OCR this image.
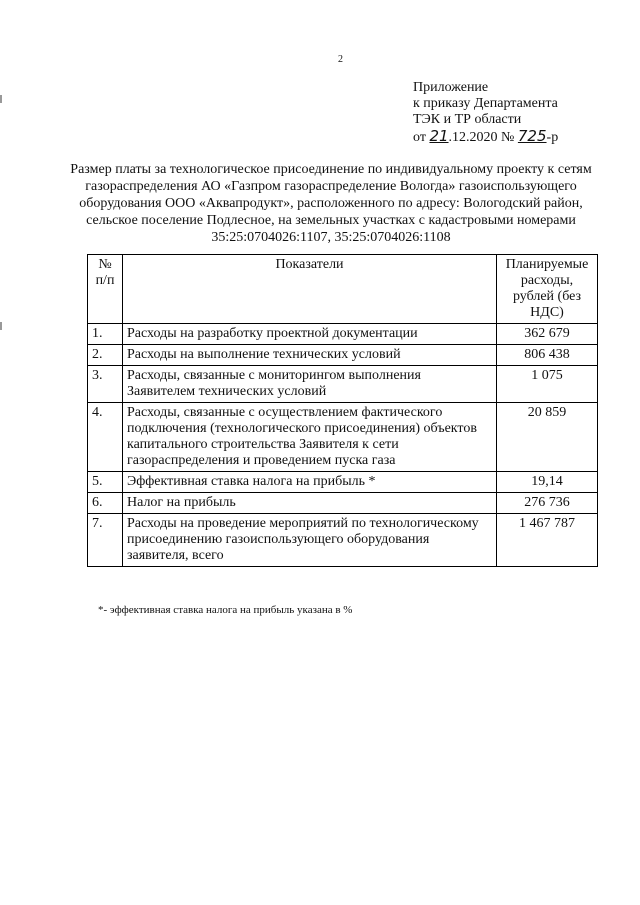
2
Приложение
к приказу Департамента
ТЭК и ТР области
от 21.12.2020 № 725-р
Размер платы за технологическое присоединение по индивидуальному проекту к сетям газораспределения АО «Газпром газораспределение Вологда» газоиспользующего оборудования ООО «Аквапродукт», расположенного по адресу: Вологодский район, сельское поселение Подлесное, на земельных участках с кадастровыми номерами 35:25:0704026:1107, 35:25:0704026:1108
№ п/п	Показатели	Планируемые расходы, рублей (без НДС)
1.	Расходы на разработку проектной документации	362 679
2.	Расходы на выполнение технических условий	806 438
3.	Расходы, связанные с мониторингом выполнения Заявителем технических условий	1 075
4.	Расходы, связанные с осуществлением фактического подключения (технологического присоединения) объектов капитального строительства Заявителя к сети газораспределения и проведением пуска газа	20 859
5.	Эффективная ставка налога на прибыль *	19,14
6.	Налог на прибыль	276 736
7.	Расходы на проведение мероприятий по технологическому присоединению газоиспользующего оборудования заявителя, всего	1 467 787
*- эффективная ставка налога на прибыль указана в %
